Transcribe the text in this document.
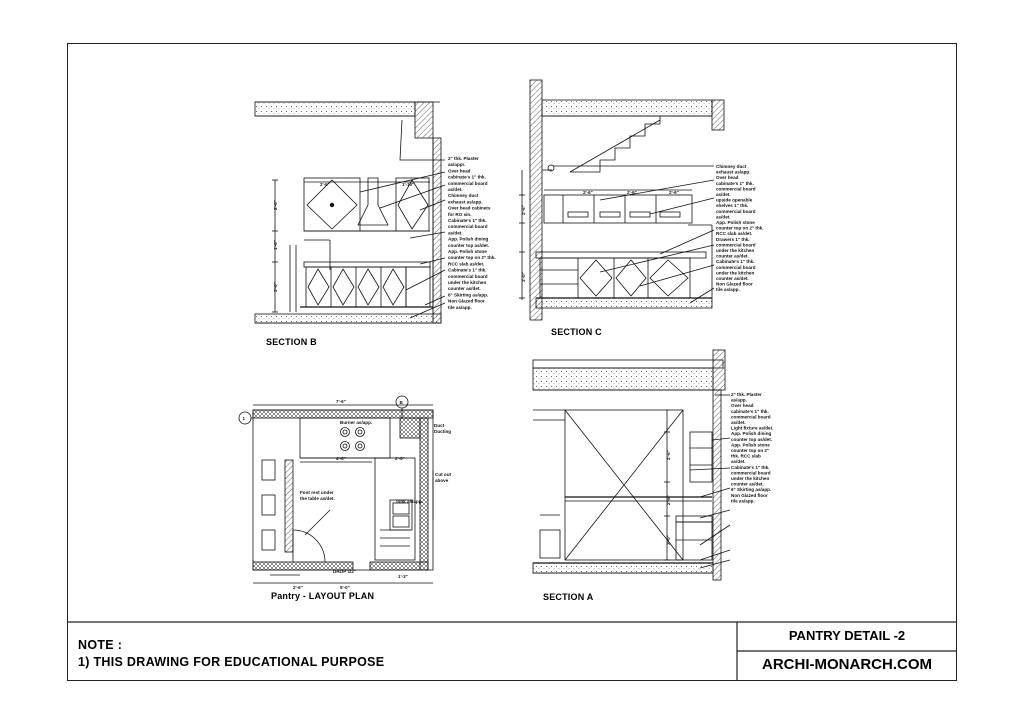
2" thk. Plaster
as/appr.
Over head
cabinate's 1" thk.
commercial board
as/det.
Chimney duct
exhaust as/app.
Over head cabinets
for RO sin.
Cabinate's 1" thk.
commercial board
as/det.
App. Polish dining
counter top as/det.
App. Polish stone
counter top on 2" thk.
RCC slab as/det.
Cabinate's 1" thk.
commercial board
under the kitchen
counter as/det.
6" Skirting as/app.
Non Glazed floor
tile as/app.
Chimney duct
exhaust as/app.
Over head
cabinate's 1" thk.
commercial board
as/det.
upside openable
shelves 1" thk.
commercial board
as/det.
App. Polish stone
counter top on 2" thk.
RCC slab as/det.
Drawers 1" thk.
commercial board
under the kitchen
counter as/det.
Cabinate's 1" thk.
commercial board
under the kitchen
counter as/det.
Non Glazed floor
tile as/app.
2" thk. Plaster
as/app.
Over head
cabinate's 1" thk.
commercial board
as/det.
Light fixture as/det.
App. Polish dining
counter top as/det.
App. Polish stone
counter top on 2"
thk. RCC slab
as/det.
Cabinate's 1" thk.
commercial board
under the kitchen
counter as/det.
6" Skirting as/app.
Non Glazed floor
tile as/app.
2'-6"	1'-10"
2'-6"
1'-6"
3'-0"
2'-6"	2'-6"	2'-6"
2'-6"
3'-0"
7'-6"
4'-6"	2'-6"
2'-6"	5'-0"
1'-3"
2'-6"
2'-6"
3'-0"
1
B
Burner as/app.
Duct
Ducting
Cut out
above
Foot rest under
the table as/det.
Sink as/app.
DROP 1/2"
SECTION B
SECTION C
SECTION A
Pantry - LAYOUT PLAN
NOTE :
1) THIS DRAWING FOR EDUCATIONAL PURPOSE
PANTRY DETAIL -2
ARCHI-MONARCH.COM
